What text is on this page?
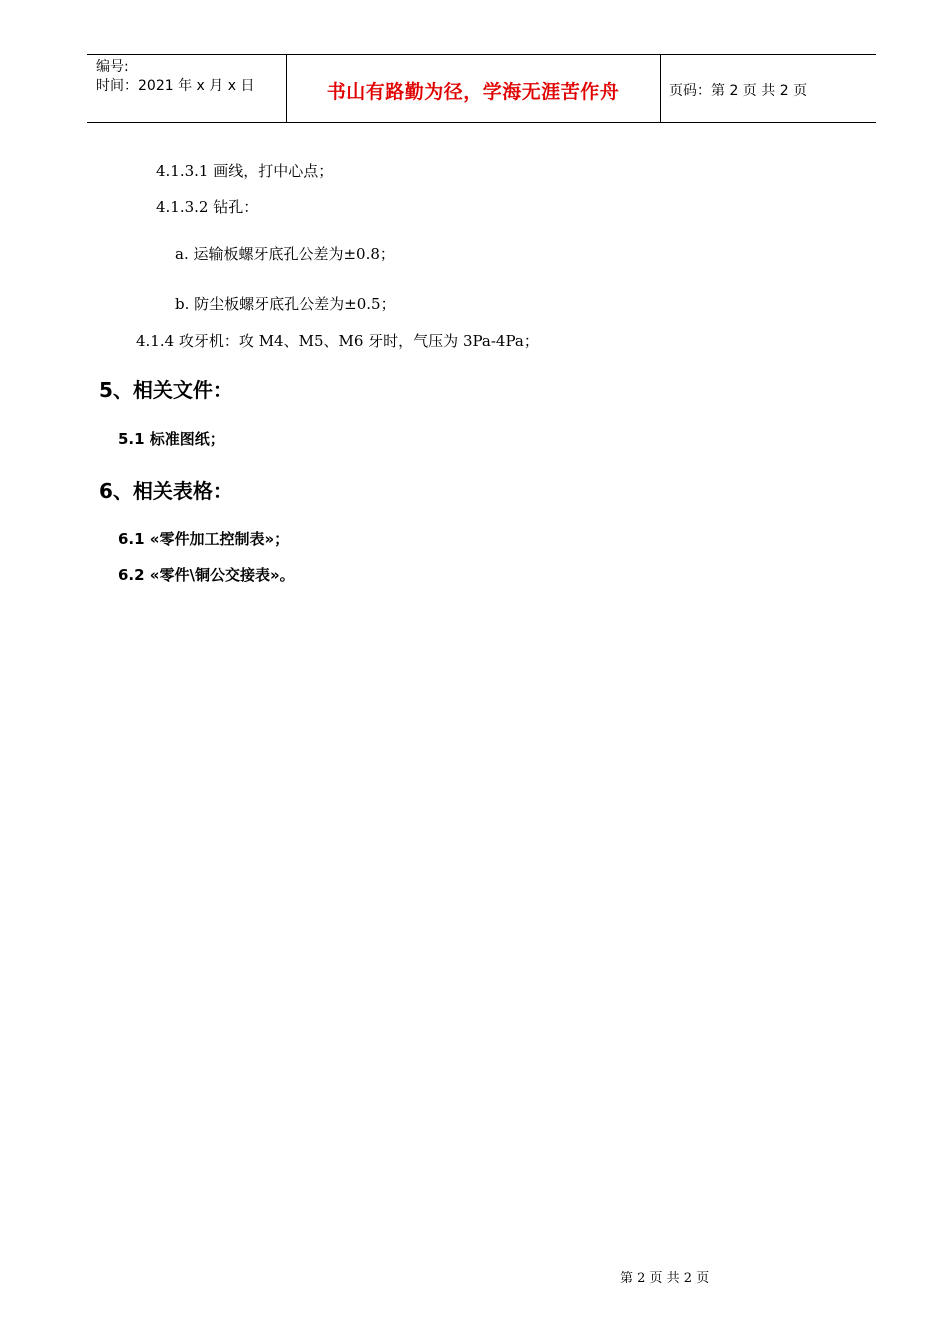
编号:
时间：2021 年 x 月 x 日	书山有路勤为径，学海无涯苦作舟	页码：第 2 页 共 2 页
4.1.3.1 画线，打中心点；
4.1.3.2 钻孔：
a. 运输板螺牙底孔公差为±0.8；
b. 防尘板螺牙底孔公差为±0.5；
4.1.4 攻牙机：攻 M4、M5、M6 牙时，气压为 3Pa-4Pa；
5、相关文件：
5.1 标准图纸；
6、相关表格：
6.1 «零件加工控制表»；
6.2 «零件\铜公交接表»。
第 2 页 共 2 页
